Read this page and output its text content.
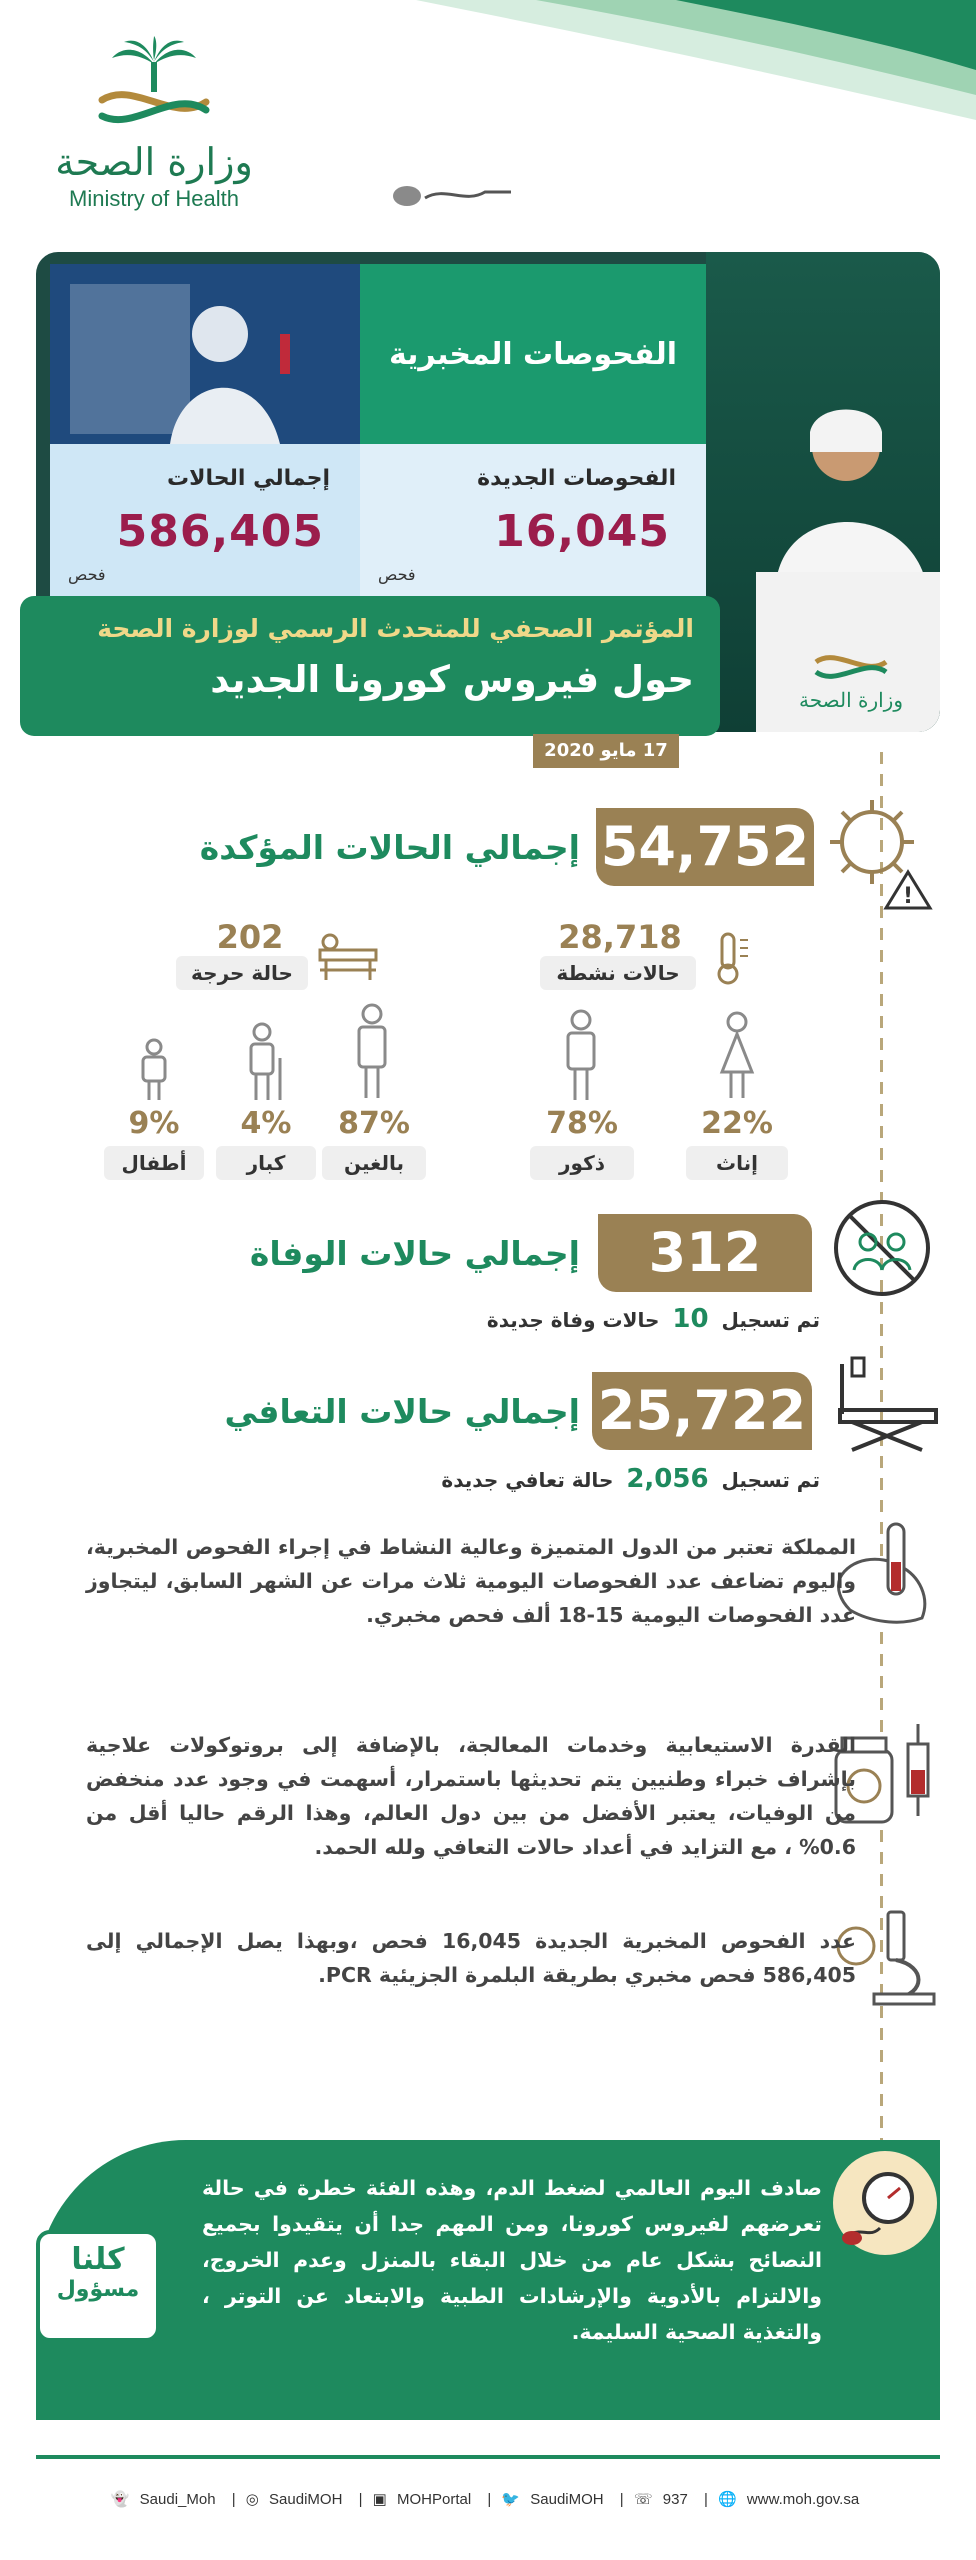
وزارة الصحة
Ministry of Health
الفحوصات المخبرية
إجمالي الحالات
586,405
فحص
الفحوصات الجديدة
16,045
فحص
وزارة الصحة
المؤتمر الصحفي للمتحدث الرسمي لوزارة الصحة
حول فيروس كورونا الجديد
17 مايو 2020
!
54,752
إجمالي الحالات المؤكدة
28,718
حالات نشطة
202
حالة حرجة
22%
إناث
78%
ذكور
87%
بالغين
4%
كبار
9%
أطفال
312
إجمالي حالات الوفاة
تم تسجيل 10 حالات وفاة جديدة
25,722
إجمالي حالات التعافي
تم تسجيل 2,056 حالة تعافي جديدة
المملكة تعتبر من الدول المتميزة وعالية النشاط في إجراء الفحوص المخبرية، واليوم تضاعف عدد الفحوصات اليومية ثلاث مرات عن الشهر السابق، ليتجاوز عدد الفحوصات اليومية 15-18 ألف فحص مخبري.
القدرة الاستيعابية وخدمات المعالجة، بالإضافة إلى بروتوكولات علاجية بإشراف خبراء وطنيين يتم تحديثها باستمرار، أسهمت في وجود عدد منخفض من الوفيات، يعتبر الأفضل من بين دول العالم، وهذا الرقم حاليا أقل من 0.6% ، مع التزايد في أعداد حالات التعافي ولله الحمد.
عدد الفحوص المخبرية الجديدة 16,045 فحص ،وبهذا يصل الإجمالي إلى 586,405 فحص مخبري بطريقة البلمرة الجزيئية PCR.
صادف اليوم العالمي لضغط الدم، وهذه الفئة خطرة في حالة تعرضهم لفيروس كورونا، ومن المهم جدا أن يتقيدوا بجميع النصائح بشكل عام من خلال البقاء بالمنزل وعدم الخروج، والالتزام بالأدوية والإرشادات الطبية والابتعاد عن التوتر ، والتغذية الصحية السليمة.
كلنا
مسؤول
👻 Saudi_Moh | ◎ SaudiMOH | ▣ MOHPortal | 🐦 SaudiMOH | ☏ 937 | 🌐 www.moh.gov.sa
